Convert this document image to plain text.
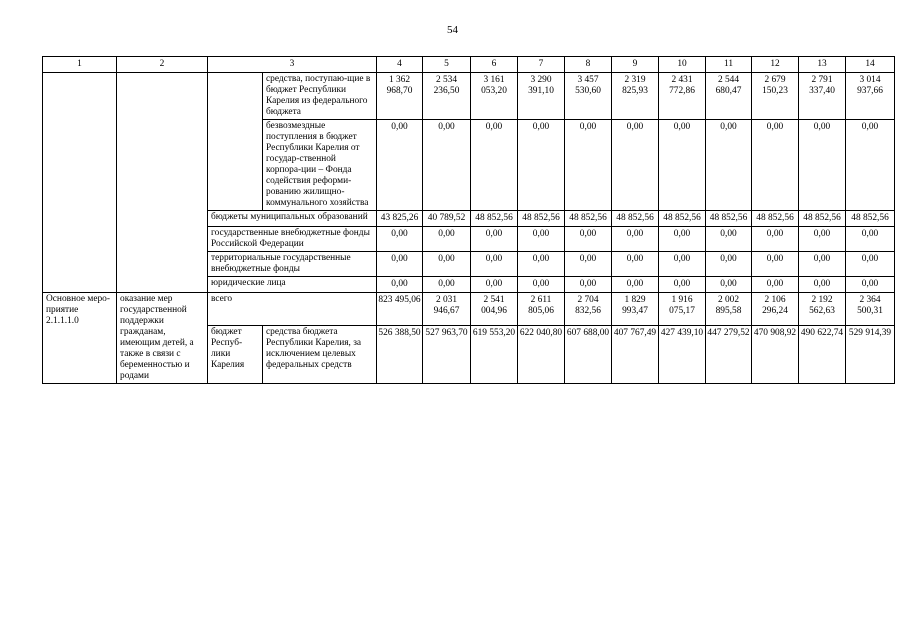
54
1	2	3		4	5	6	7	8	9	10	11	12	13	14
			средства, поступаю-щие в бюджет Республики Карелия из федерального бюджета	1 362 968,70	2 534 236,50	3 161 053,20	3 290 391,10	3 457 530,60	2 319 825,93	2 431 772,86	2 544 680,47	2 679 150,23	2 791 337,40	3 014 937,66
			безвозмездные поступления в бюджет Республики Карелия от государ-ственной корпора-ции – Фонда содействия реформи-рованию жилищно-коммунального хозяйства	0,00	0,00	0,00	0,00	0,00	0,00	0,00	0,00	0,00	0,00	0,00
		бюджеты муниципальных образований		43 825,26	40 789,52	48 852,56	48 852,56	48 852,56	48 852,56	48 852,56	48 852,56	48 852,56	48 852,56	48 852,56
		государственные внебюджетные фонды Российской Федерации		0,00	0,00	0,00	0,00	0,00	0,00	0,00	0,00	0,00	0,00	0,00
		территориальные государственные внебюджетные фонды		0,00	0,00	0,00	0,00	0,00	0,00	0,00	0,00	0,00	0,00	0,00
		юридические лица		0,00	0,00	0,00	0,00	0,00	0,00	0,00	0,00	0,00	0,00	0,00
Основное меро-приятие 2.1.1.1.0	оказание мер государственной поддержки гражданам, имеющим детей, а также в связи с беременностью и родами	всего		823 495,06	2 031 946,67	2 541 004,96	2 611 805,06	2 704 832,56	1 829 993,47	1 916 075,17	2 002 895,58	2 106 296,24	2 192 562,63	2 364 500,31
		бюджет Респуб-лики Карелия	средства бюджета Республики Карелия, за исключением целевых федеральных средств	526 388,50	527 963,70	619 553,20	622 040,80	607 688,00	407 767,49	427 439,10	447 279,52	470 908,92	490 622,74	529 914,39
